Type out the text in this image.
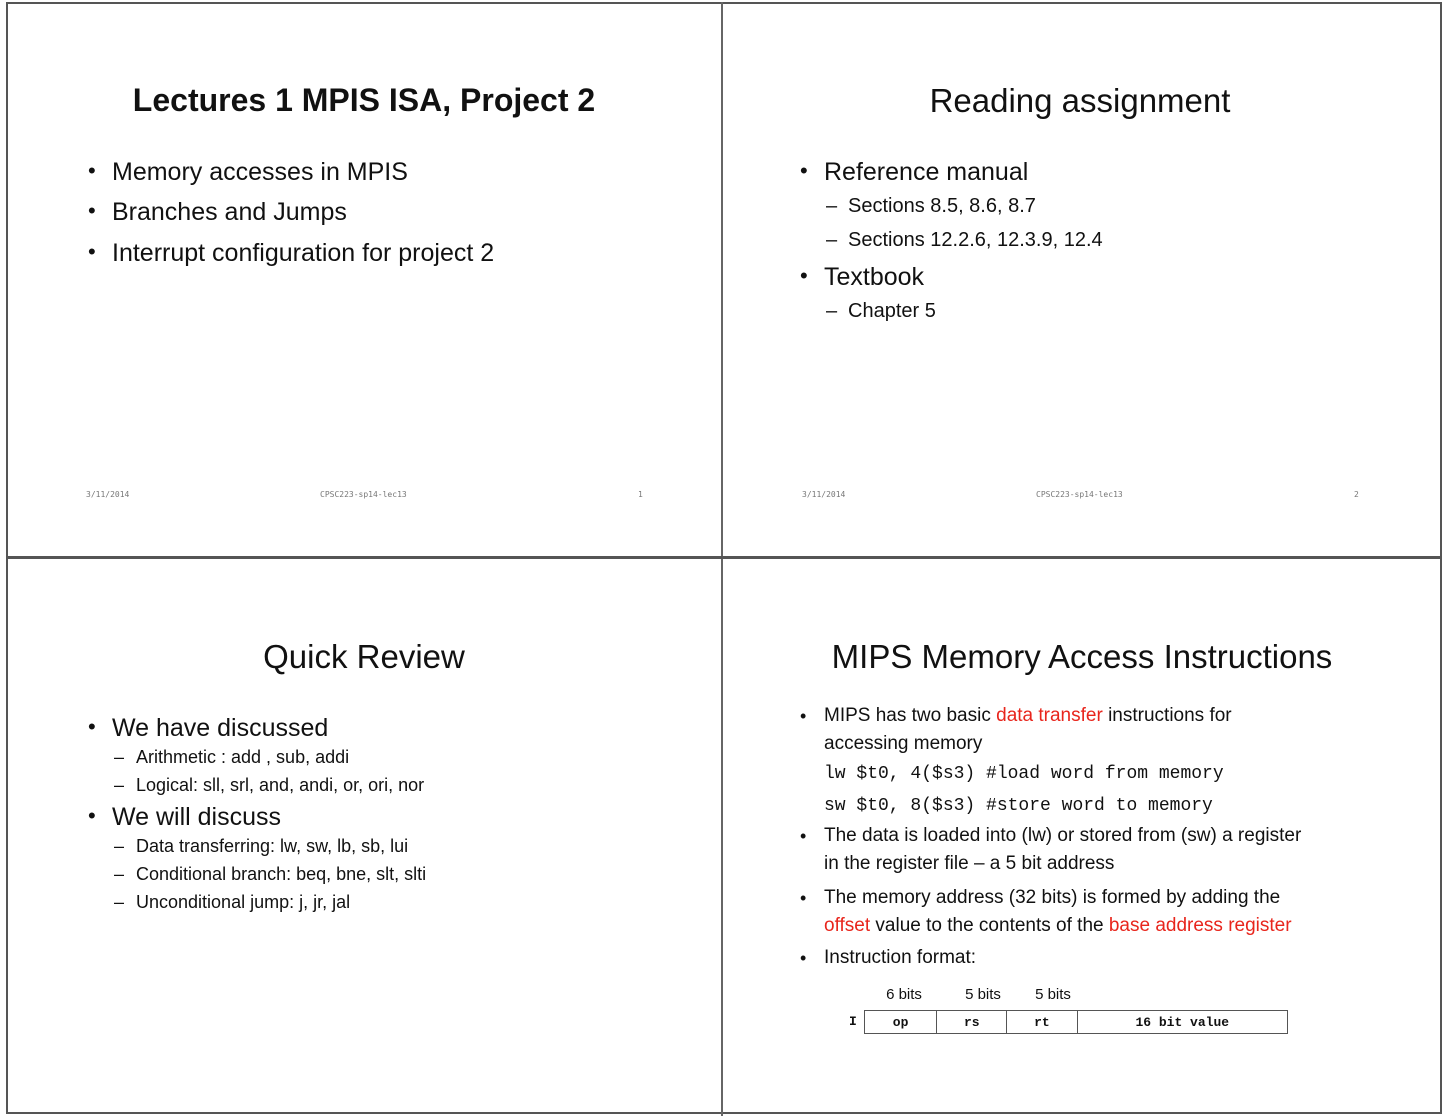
Lectures 1 MPIS ISA, Project 2
• Memory accesses in MPIS
• Branches and Jumps
• Interrupt configuration for project 2
3/11/2014	CPSC223-sp14-lec13	1
Reading assignment
• Reference manual
– Sections 8.5, 8.6, 8.7
– Sections 12.2.6, 12.3.9, 12.4
• Textbook
– Chapter 5
3/11/2014	CPSC223-sp14-lec13	2
Quick Review
• We have discussed
– Arithmetic : add , sub, addi
– Logical: sll, srl, and, andi, or, ori, nor
• We will discuss
– Data transferring: lw, sw, lb, sb, lui
– Conditional branch: beq, bne, slt, slti
– Unconditional jump: j, jr, jal
MIPS Memory Access Instructions
• MIPS has two basic data transfer instructions for
accessing memory
lw $t0, 4($s3) #load word from memory
sw $t0, 8($s3) #store word to memory
• The data is loaded into (lw) or stored from (sw) a register
in the register file – a 5 bit address
• The memory address (32 bits) is formed by adding the
offset value to the contents of the base address register
• Instruction format:
6 bits	5 bits	5 bits
I	op	rs	rt	16 bit value
